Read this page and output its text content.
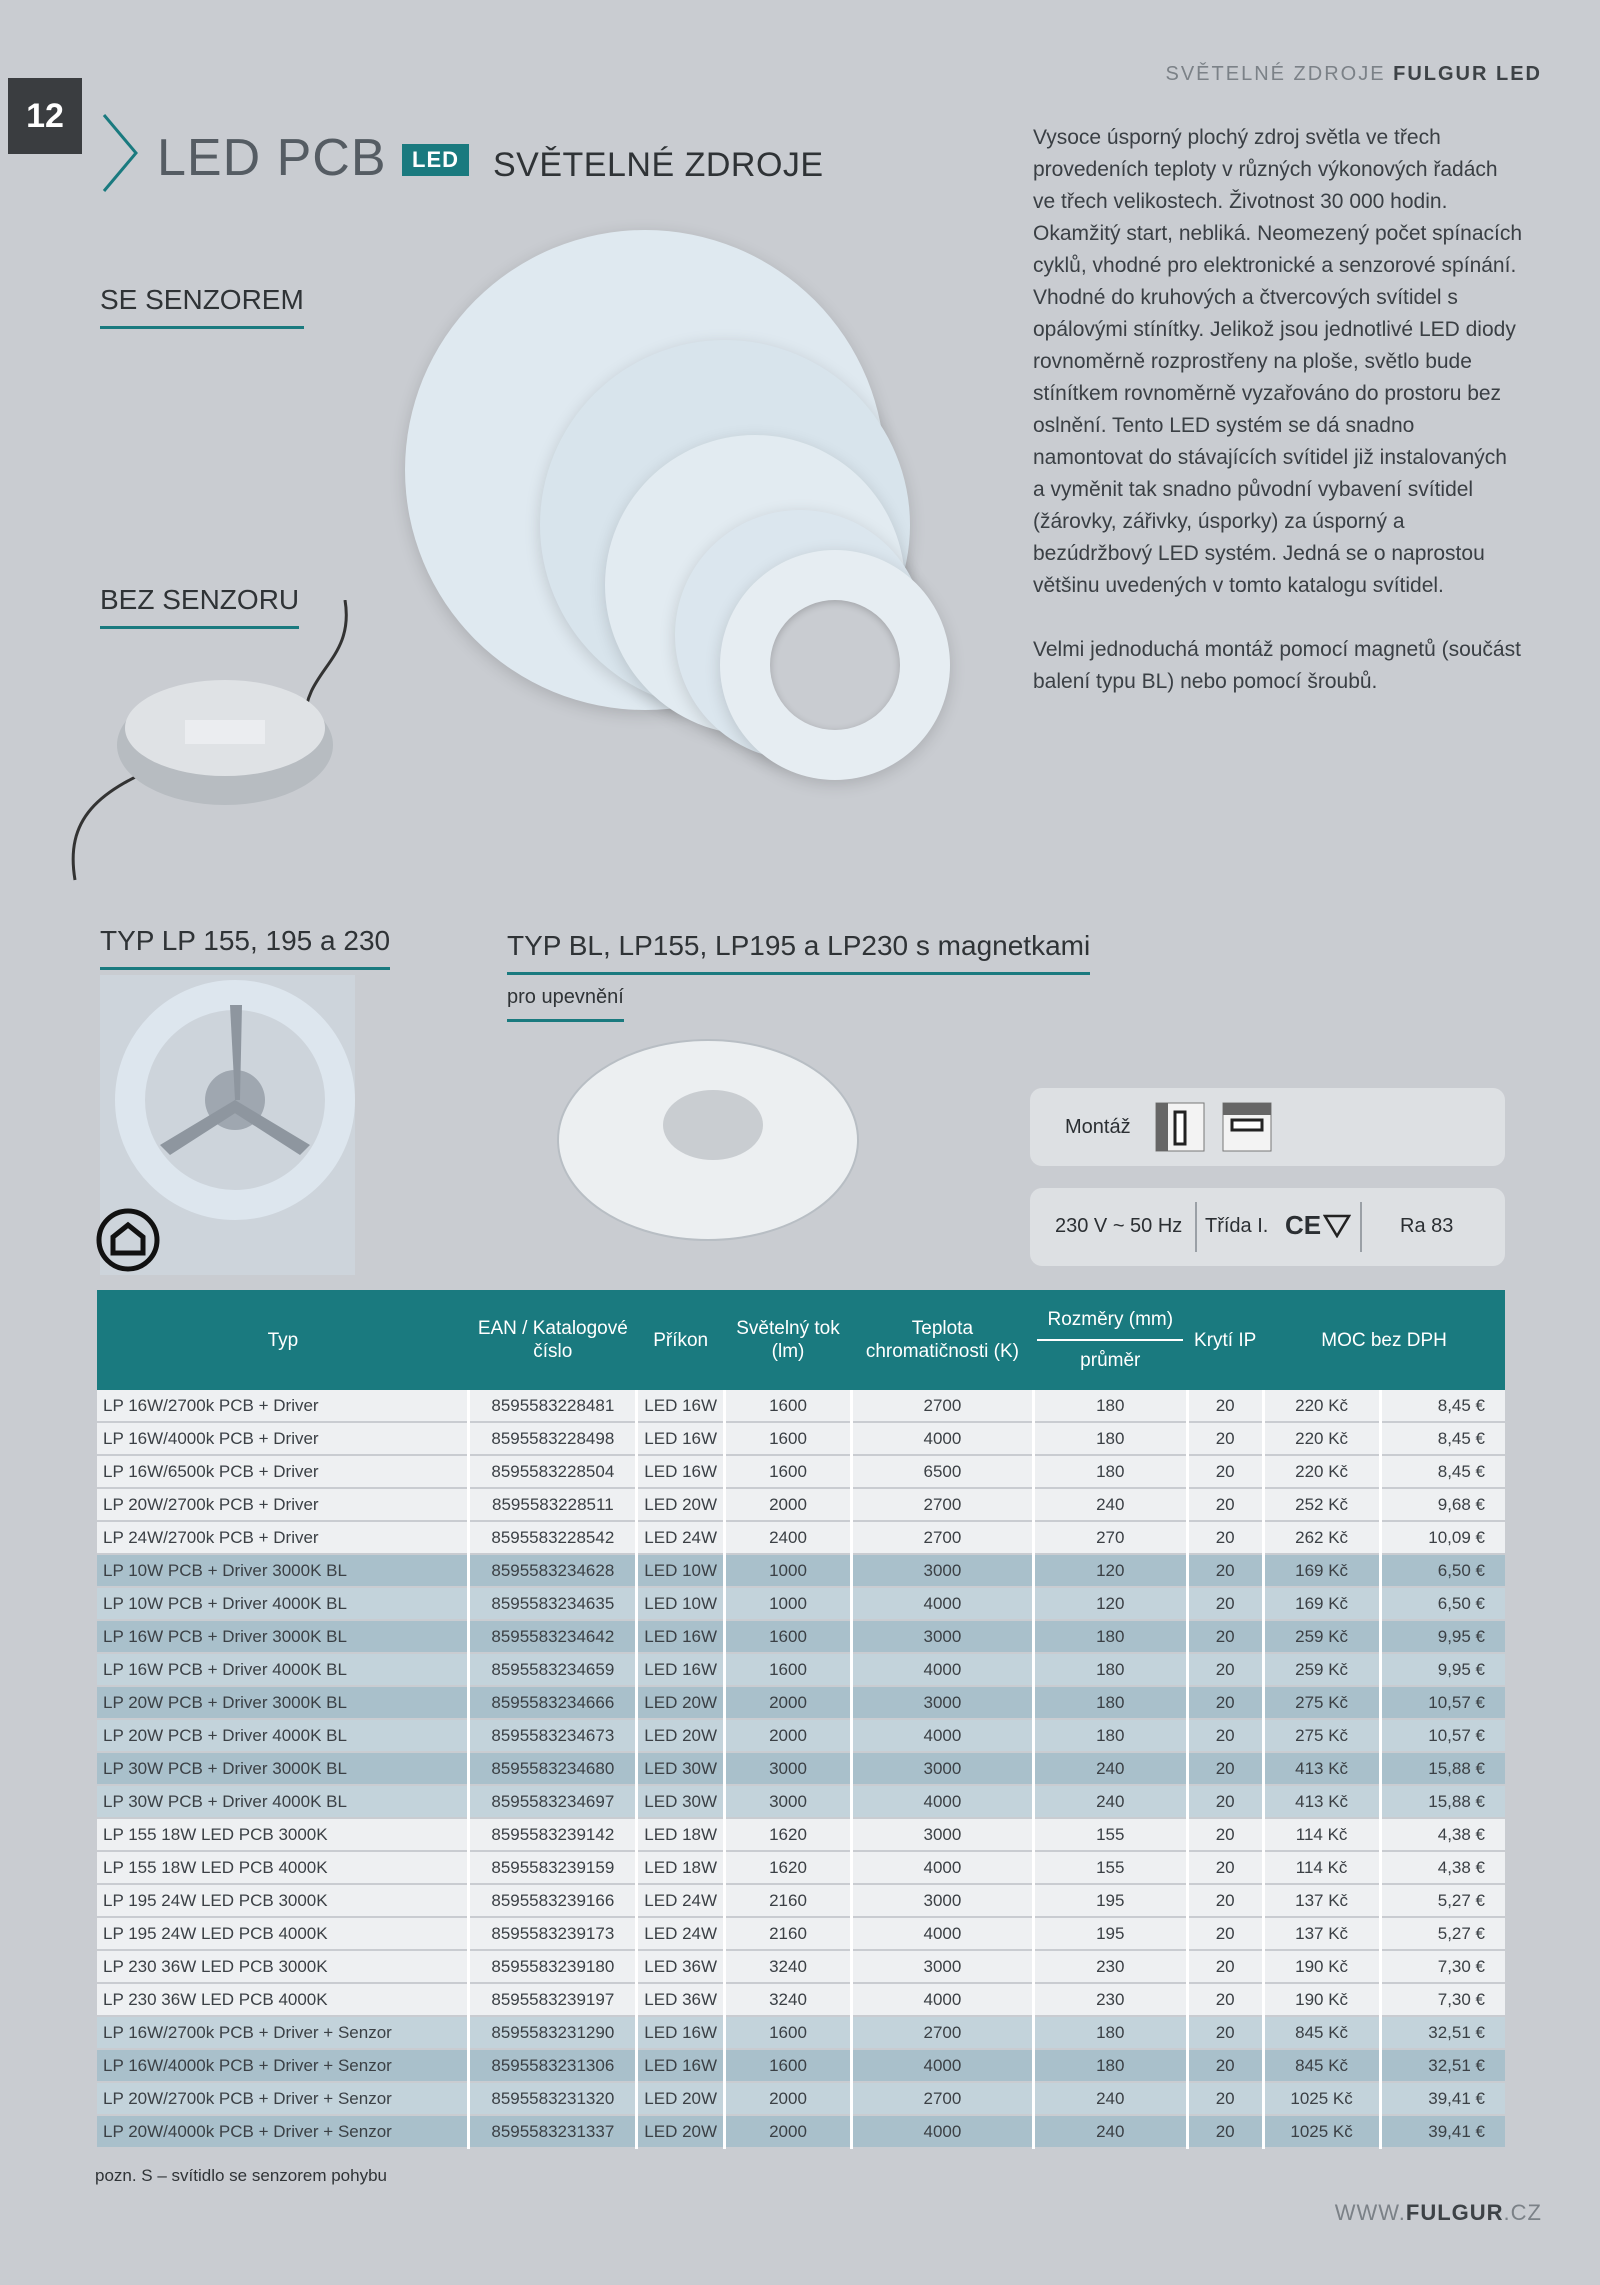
12
LED PCB	LED SVĚTELNÉ ZDROJE
SVĚTELNÉ ZDROJE FULGUR LED
SE SENZOREM
BEZ SENZORU

Vysoce úsporný plochý zdroj světla ve třech provedeních teploty v různých výkonových řadách ve třech velikostech. Životnost 30 000 hodin. Okamžitý start, nebliká. Neomezený počet spínacích cyklů, vhodné pro elektronické a senzorové spínání. Vhodné do kruhových a čtvercových svítidel s opálovými stínítky. Jelikož jsou jednotlivé LED diody rovnoměrně rozprostřeny na ploše, světlo bude stínítkem rovnoměrně vyzařováno do prostoru bez oslnění. Tento LED systém se dá snadno namontovat do stávajících svítidel již instalovaných a vyměnit tak snadno původní vybavení svítidel (žárovky, zářivky, úsporky) za úsporný a bezúdržbový LED systém. Jedná se o naprostou většinu uvedených v tomto katalogu svítidel.

Velmi jednoduchá montáž pomocí magnetů (součást balení typu BL) nebo pomocí šroubů.

TYP LP 155, 195 a 230	TYP BL, LP155, LP195 a LP230 s magnetkami
pro upevnění
Montáž
230 V ~ 50 Hz Třída I. CE	Ra 83
Typ	EAN / Katalogové číslo	Příkon	Světelný tok (lm)	Teplota chromatičnosti (K)	Rozměry (mm)
průměr	Krytí IP	MOC bez DPH	
LP 16W/2700k PCB + Driver	8595583228481	LED 16W	1600	2700	180	20	220 Kč	8,45 €
LP 16W/4000k PCB + Driver	8595583228498	LED 16W	1600	4000	180	20	220 Kč	8,45 €
LP 16W/6500k PCB + Driver	8595583228504	LED 16W	1600	6500	180	20	220 Kč	8,45 €
LP 20W/2700k PCB + Driver	8595583228511	LED 20W	2000	2700	240	20	252 Kč	9,68 €
LP 24W/2700k PCB + Driver	8595583228542	LED 24W	2400	2700	270	20	262 Kč	10,09 €
LP 10W PCB + Driver 3000K BL	8595583234628	LED 10W	1000	3000	120	20	169 Kč	6,50 €
LP 10W PCB + Driver 4000K BL	8595583234635	LED 10W	1000	4000	120	20	169 Kč	6,50 €
LP 16W PCB + Driver 3000K BL	8595583234642	LED 16W	1600	3000	180	20	259 Kč	9,95 €
LP 16W PCB + Driver 4000K BL	8595583234659	LED 16W	1600	4000	180	20	259 Kč	9,95 €
LP 20W PCB + Driver 3000K BL	8595583234666	LED 20W	2000	3000	180	20	275 Kč	10,57 €
LP 20W PCB + Driver 4000K BL	8595583234673	LED 20W	2000	4000	180	20	275 Kč	10,57 €
LP 30W PCB + Driver 3000K BL	8595583234680	LED 30W	3000	3000	240	20	413 Kč	15,88 €
LP 30W PCB + Driver 4000K BL	8595583234697	LED 30W	3000	4000	240	20	413 Kč	15,88 €
LP 155 18W LED PCB 3000K	8595583239142	LED 18W	1620	3000	155	20	114 Kč	4,38 €
LP 155 18W LED PCB 4000K	8595583239159	LED 18W	1620	4000	155	20	114 Kč	4,38 €
LP 195 24W LED PCB 3000K	8595583239166	LED 24W	2160	3000	195	20	137 Kč	5,27 €
LP 195 24W LED PCB 4000K	8595583239173	LED 24W	2160	4000	195	20	137 Kč	5,27 €
LP 230 36W LED PCB 3000K	8595583239180	LED 36W	3240	3000	230	20	190 Kč	7,30 €
LP 230 36W LED PCB 4000K	8595583239197	LED 36W	3240	4000	230	20	190 Kč	7,30 €
LP 16W/2700k PCB + Driver + Senzor	8595583231290	LED 16W	1600	2700	180	20	845 Kč	32,51 €
LP 16W/4000k PCB + Driver + Senzor	8595583231306	LED 16W	1600	4000	180	20	845 Kč	32,51 €
LP 20W/2700k PCB + Driver + Senzor	8595583231320	LED 20W	2000	2700	240	20	1025 Kč	39,41 €
LP 20W/4000k PCB + Driver + Senzor	8595583231337	LED 20W	2000	4000	240	20	1025 Kč	39,41 €
pozn. S – svítidlo se senzorem pohybu
WWW.FULGUR.CZ
